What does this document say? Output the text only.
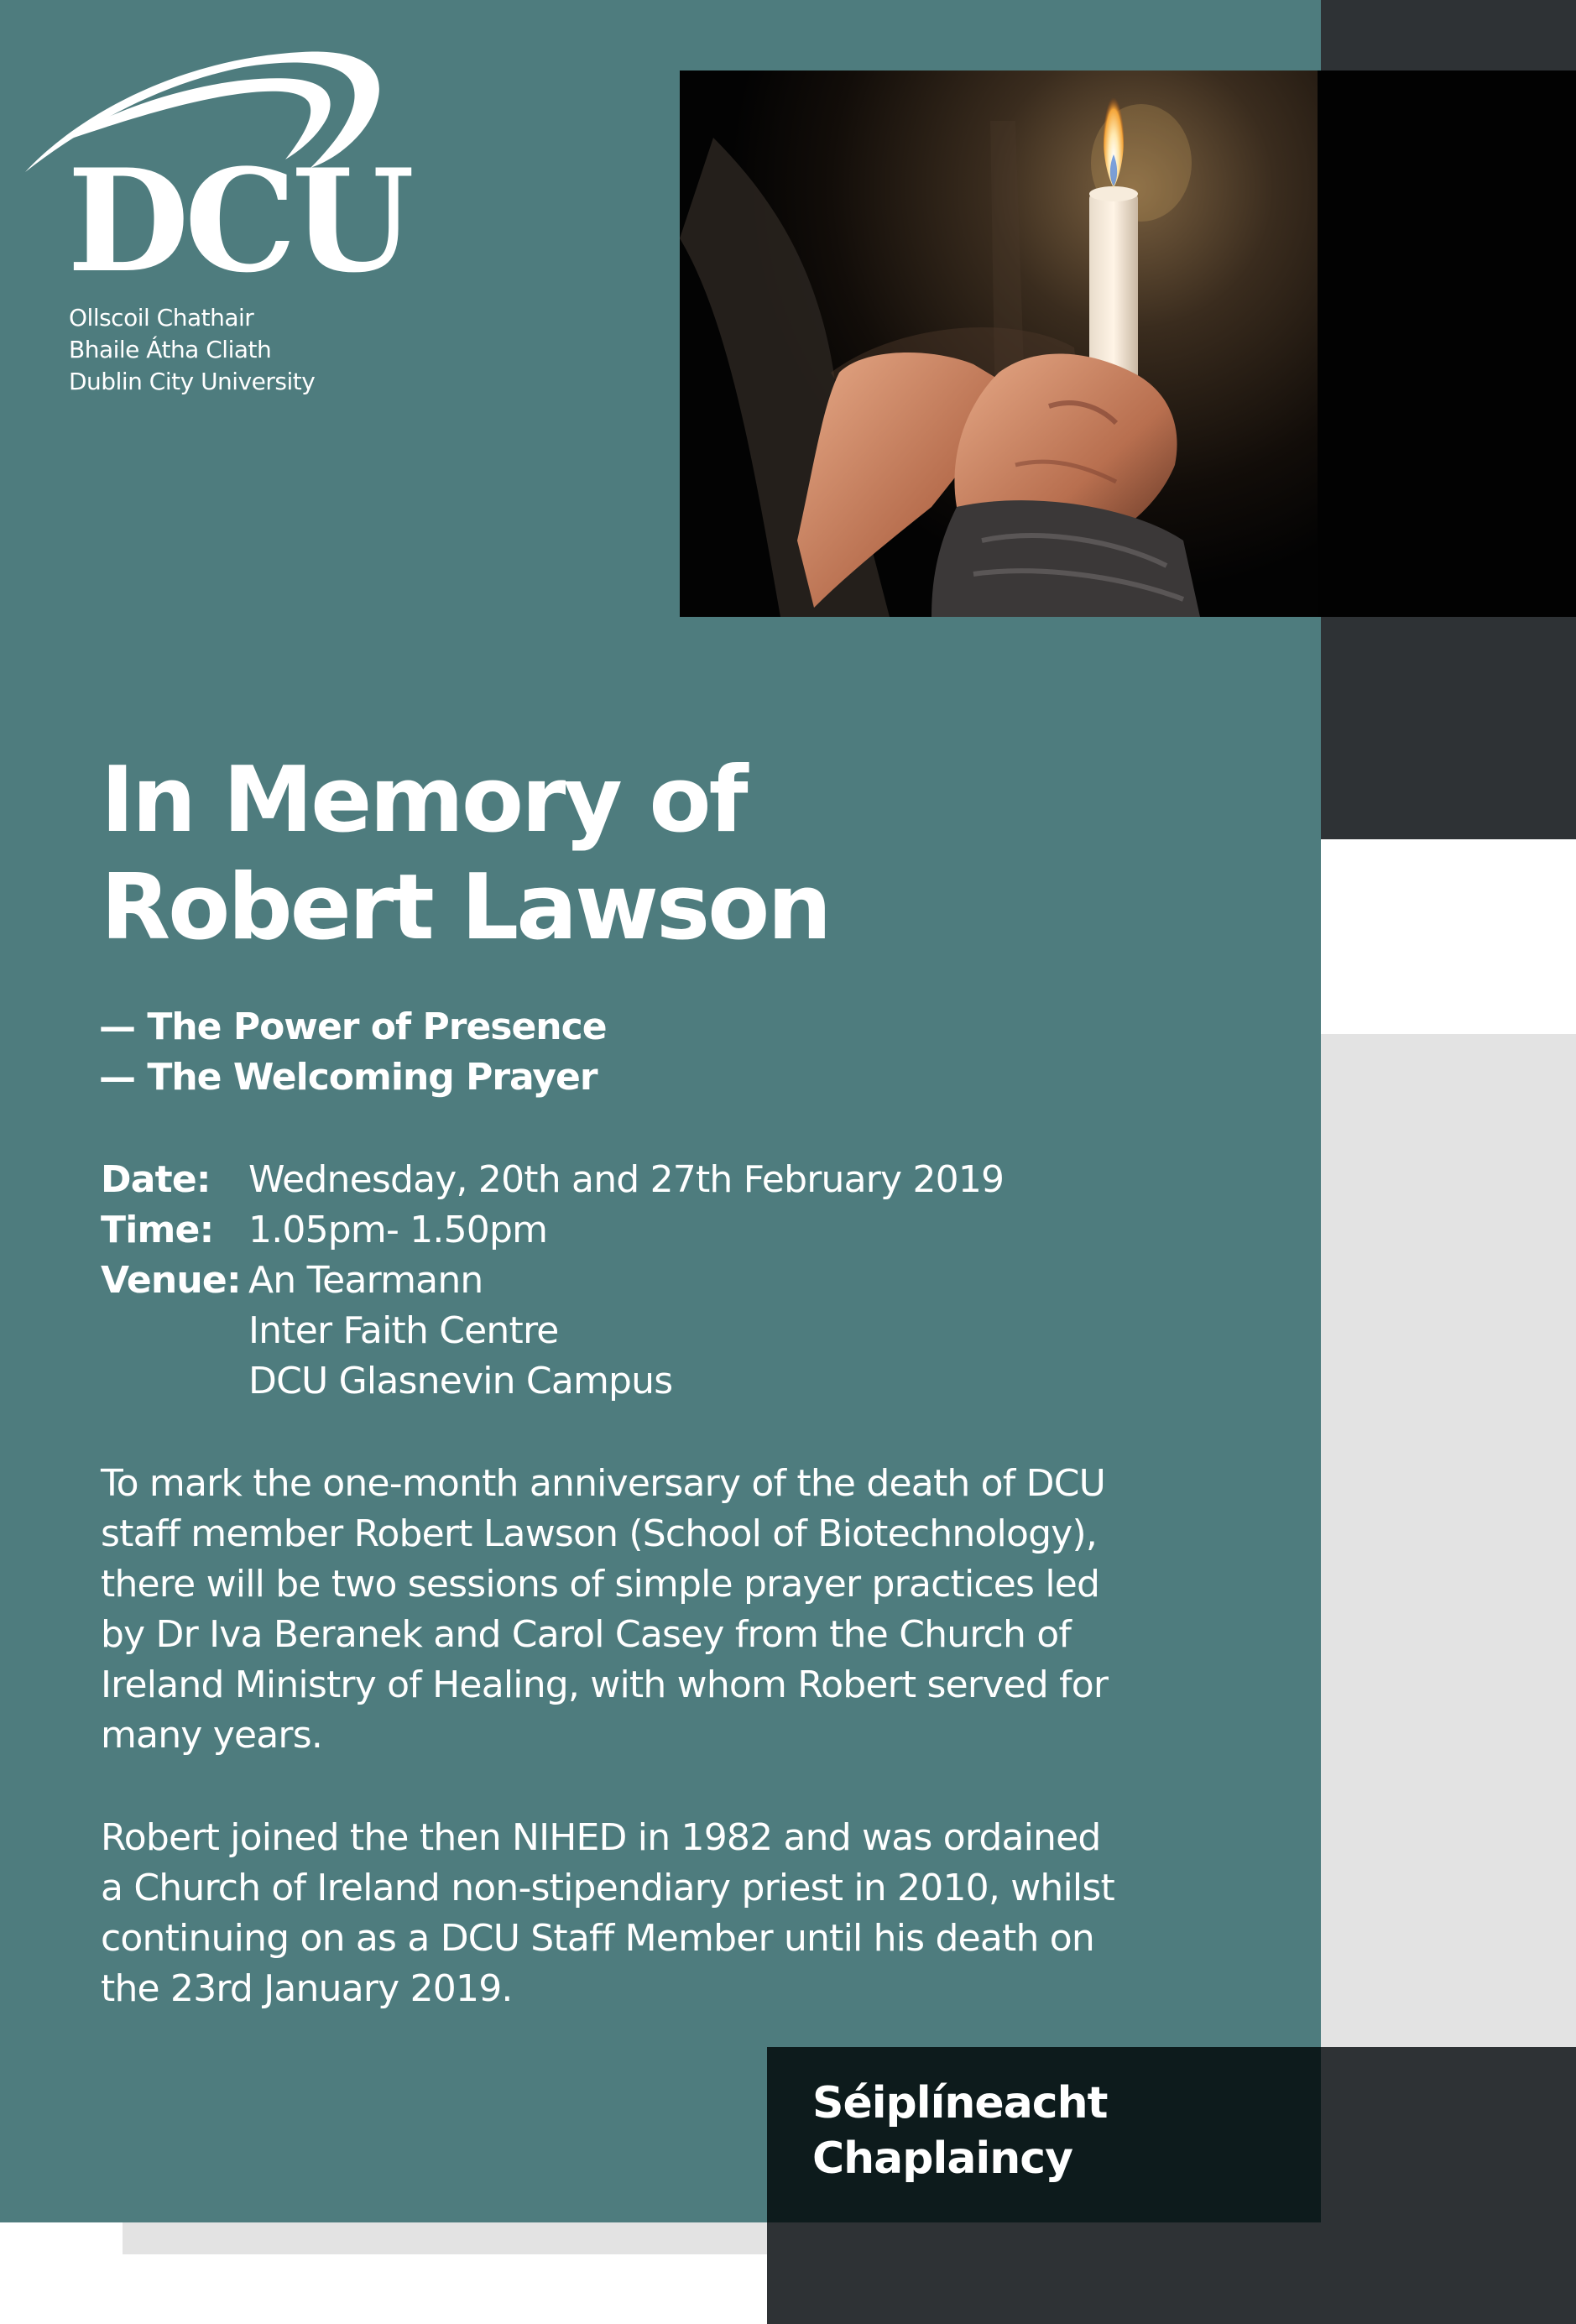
DCU
Ollscoil Chathair
Bhaile Átha Cliath
Dublin City University
In Memory of
Robert Lawson
— The Power of Presence
— The Welcoming Prayer
Date: Wednesday, 20th and 27th February 2019
Time: 1.05pm- 1.50pm
Venue: An Tearmann
Inter Faith Centre
DCU Glasnevin Campus
To mark the one-month anniversary of the death of DCU
staff member Robert Lawson (School of Biotechnology),
there will be two sessions of simple prayer practices led
by Dr Iva Beranek and Carol Casey from the Church of
Ireland Ministry of Healing, with whom Robert served for
many years.
Robert joined the then NIHED in 1982 and was ordained
a Church of Ireland non-stipendiary priest in 2010, whilst
continuing on as a DCU Staff Member until his death on
the 23rd January 2019.
Séiplíneacht
Chaplaincy
